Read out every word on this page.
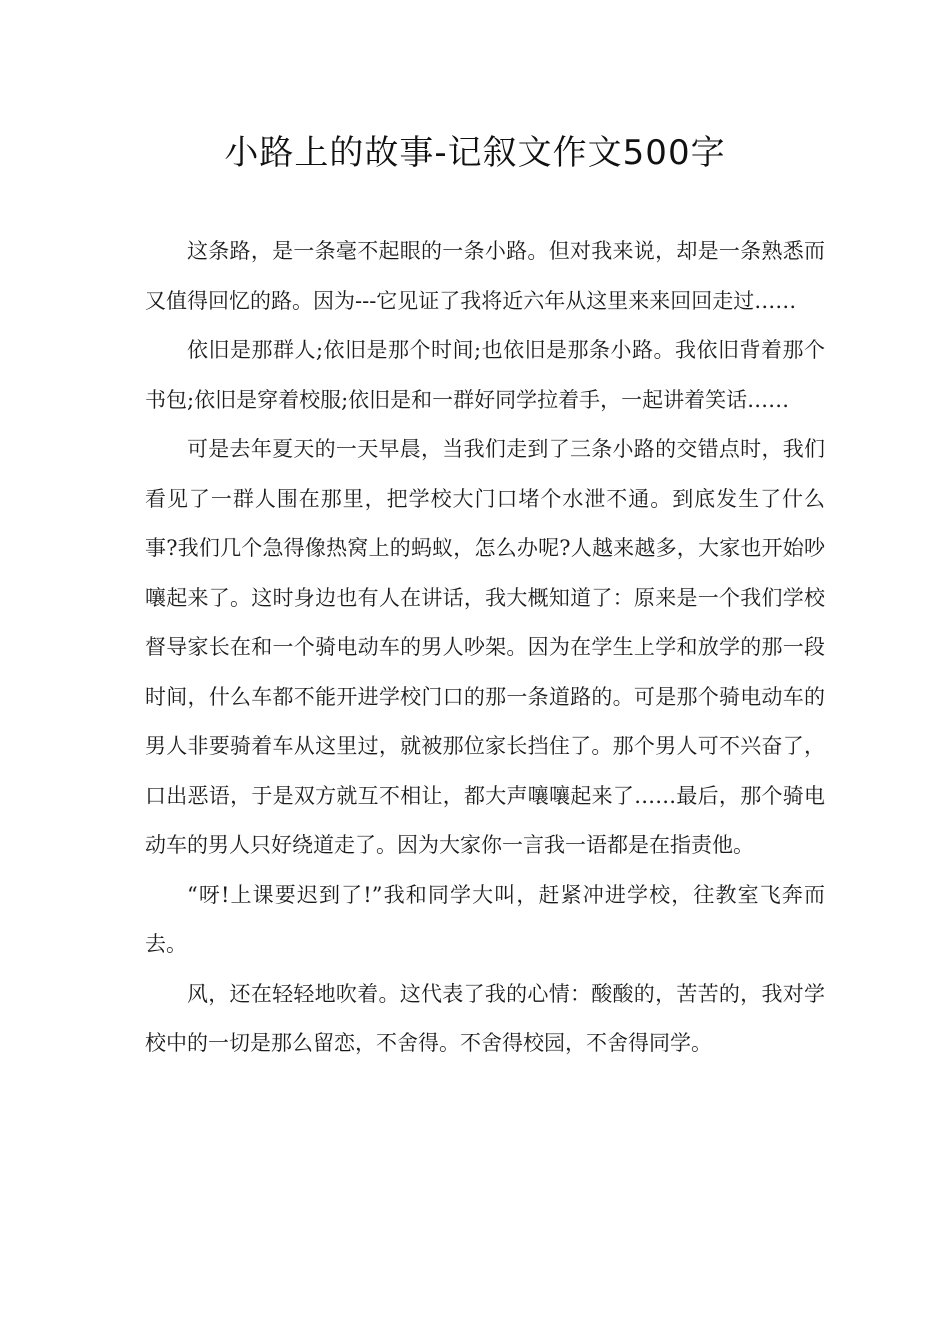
小路上的故事-记叙文作文500字

这条路，是一条毫不起眼的一条小路。但对我来说，却是一条熟悉而又值得回忆的路。因为---它见证了我将近六年从这里来来回回走过……

依旧是那群人;依旧是那个时间;也依旧是那条小路。我依旧背着那个书包;依旧是穿着校服;依旧是和一群好同学拉着手，一起讲着笑话……

可是去年夏天的一天早晨，当我们走到了三条小路的交错点时，我们看见了一群人围在那里，把学校大门口堵个水泄不通。到底发生了什么事?我们几个急得像热窝上的蚂蚁，怎么办呢?人越来越多，大家也开始吵嚷起来了。这时身边也有人在讲话，我大概知道了：原来是一个我们学校督导家长在和一个骑电动车的男人吵架。因为在学生上学和放学的那一段时间，什么车都不能开进学校门口的那一条道路的。可是那个骑电动车的男人非要骑着车从这里过，就被那位家长挡住了。那个男人可不兴奋了，口出恶语，于是双方就互不相让，都大声嚷嚷起来了……最后，那个骑电动车的男人只好绕道走了。因为大家你一言我一语都是在指责他。

“呀!上课要迟到了!”我和同学大叫，赶紧冲进学校，往教室飞奔而去。

风，还在轻轻地吹着。这代表了我的心情：酸酸的，苦苦的，我对学校中的一切是那么留恋，不舍得。不舍得校园，不舍得同学。
